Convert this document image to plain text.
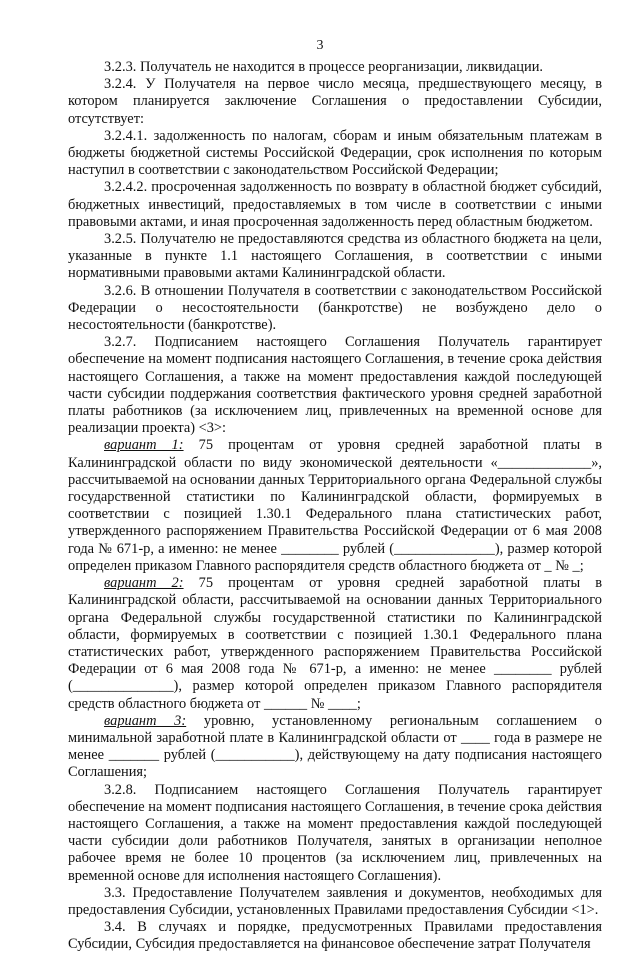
3

3.2.3. Получатель не находится в процессе реорганизации, ликвидации.

3.2.4. У Получателя на первое число месяца, предшествующего месяцу, в котором планируется заключение Соглашения о предоставлении Субсидии, отсутствует:

3.2.4.1. задолженность по налогам, сборам и иным обязательным платежам в бюджеты бюджетной системы Российской Федерации, срок исполнения по которым наступил в соответствии с законодательством Российской Федерации;

3.2.4.2. просроченная задолженность по возврату в областной бюджет субсидий, бюджетных инвестиций, предоставляемых в том числе в соответствии с иными правовыми актами, и иная просроченная задолженность перед областным бюджетом.

3.2.5. Получателю не предоставляются средства из областного бюджета на цели, указанные в пункте 1.1 настоящего Соглашения, в соответствии с иными нормативными правовыми актами Калининградской области.

3.2.6. В отношении Получателя в соответствии с законодательством Российской Федерации о несостоятельности (банкротстве) не возбуждено дело о несостоятельности (банкротстве).

3.2.7. Подписанием настоящего Соглашения Получатель гарантирует обеспечение на момент подписания настоящего Соглашения, в течение срока действия настоящего Соглашения, а также на момент предоставления каждой последующей части субсидии поддержания соответствия фактического уровня средней заработной платы работников (за исключением лиц, привлеченных на временной основе для реализации проекта) <3>:

вариант 1: 75 процентам от уровня средней заработной платы в Калининградской области по виду экономической деятельности «_____________», рассчитываемой на основании данных Территориального органа Федеральной службы государственной статистики по Калининградской области, формируемых в соответствии с позицией 1.30.1 Федерального плана статистических работ, утвержденного распоряжением Правительства Российской Федерации от 6 мая 2008 года № 671-р, а именно: не менее ________ рублей (______________), размер которой определен приказом Главного распорядителя средств областного бюджета от _ № _;

вариант 2: 75 процентам от уровня средней заработной платы в Калининградской области, рассчитываемой на основании данных Территориального органа Федеральной службы государственной статистики по Калининградской области, формируемых в соответствии с позицией 1.30.1 Федерального плана статистических работ, утвержденного распоряжением Правительства Российской Федерации от 6 мая 2008 года № 671-р, а именно: не менее ________ рублей (______________), размер которой определен приказом Главного распорядителя средств областного бюджета от ______ № ____;

вариант 3: уровню, установленному региональным соглашением о минимальной заработной плате в Калининградской области от ____ года в размере не менее _______ рублей (___________), действующему на дату подписания настоящего Соглашения;

3.2.8. Подписанием настоящего Соглашения Получатель гарантирует обеспечение на момент подписания настоящего Соглашения, в течение срока действия настоящего Соглашения, а также на момент предоставления каждой последующей части субсидии доли работников Получателя, занятых в организации неполное рабочее время не более 10 процентов (за исключением лиц, привлеченных на временной основе для исполнения настоящего Соглашения).

3.3. Предоставление Получателем заявления и документов, необходимых для предоставления Субсидии, установленных Правилами предоставления Субсидии <1>.

3.4. В случаях и порядке, предусмотренных Правилами предоставления Субсидии, Субсидия предоставляется на финансовое обеспечение затрат Получателя
